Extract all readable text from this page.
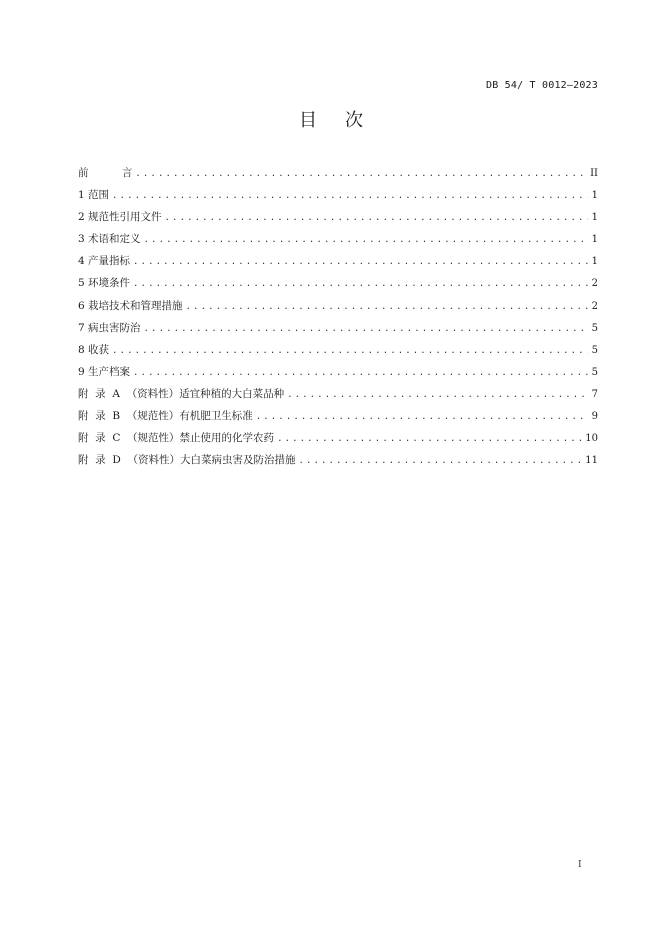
DB 54/ T 0012—2023
目次
前          言 .....	II
1 范围 .....	1
2 规范性引用文件 .....	1
3 术语和定义 .....	1
4 产量指标 .....	1
5 环境条件 .....	2
6 栽培技术和管理措施 .....	2
7 病虫害防治 .....	5
8 收获 .....	5
9 生产档案 .....	5
附  录  A  （资料性）适宜种植的大白菜品种 .....	7
附  录  B  （规范性）有机肥卫生标准 .....	9
附  录  C  （规范性）禁止使用的化学农药 .....	10
附  录  D  （资料性）大白菜病虫害及防治措施 .....	11
I
